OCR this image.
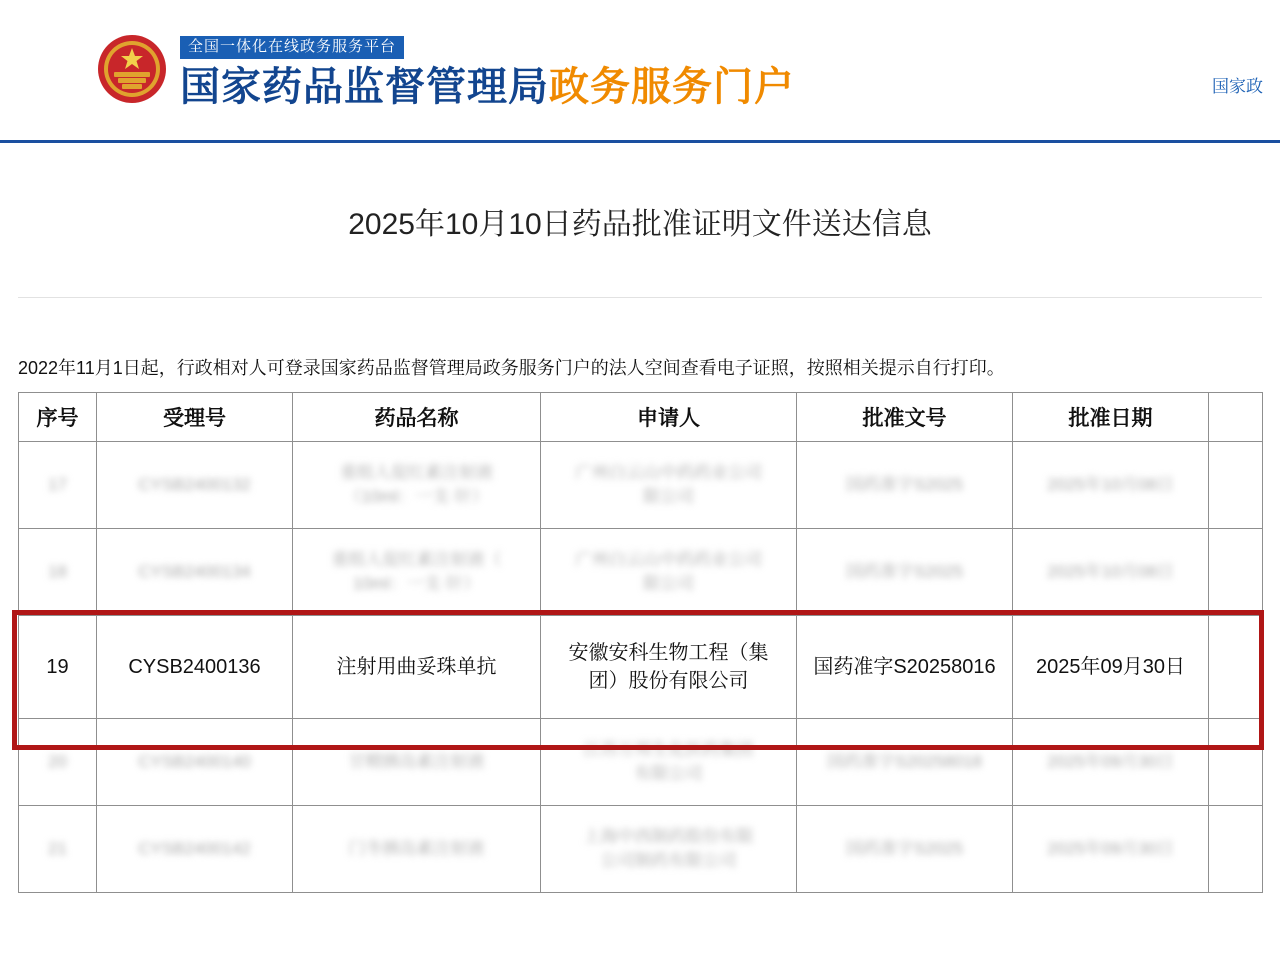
全国一体化在线政务服务平台
国家药品监督管理局政务服务门户	国家政
2025年10月10日药品批准证明文件送达信息
2022年11月1日起，行政相对人可登录国家药品监督管理局政务服务门户的法人空间查看电子证照，按照相关提示自行打印。
序号	受理号	药品名称	申请人	批准文号	批准日期	
17	CYSB2400132	重组人促红素注射液
（10ml：一支·针）	广州白云山中药药业公司
限公司	国药准字S2025	2025年10月08日	
18	CYSB2400134	重组人促红素注射液（
10ml：一支·针）	广州白云山中药药业公司
限公司	国药准字S2025	2025年10月08日	
19	CYSB2400136	注射用曲妥珠单抗	安徽安科生物工程（集
团）股份有限公司	国药准字S20258016	2025年09月30日	
20	CYSB2400140	甘精胰岛素注射液	江苏万邦生化医药集团
有限公司	国药准字S20258018	2025年09月30日	
21	CYSB2400142	门冬胰岛素注射液	上海中西制药股份有限
公司制药有限公司	国药准字S2025	2025年09月30日	
